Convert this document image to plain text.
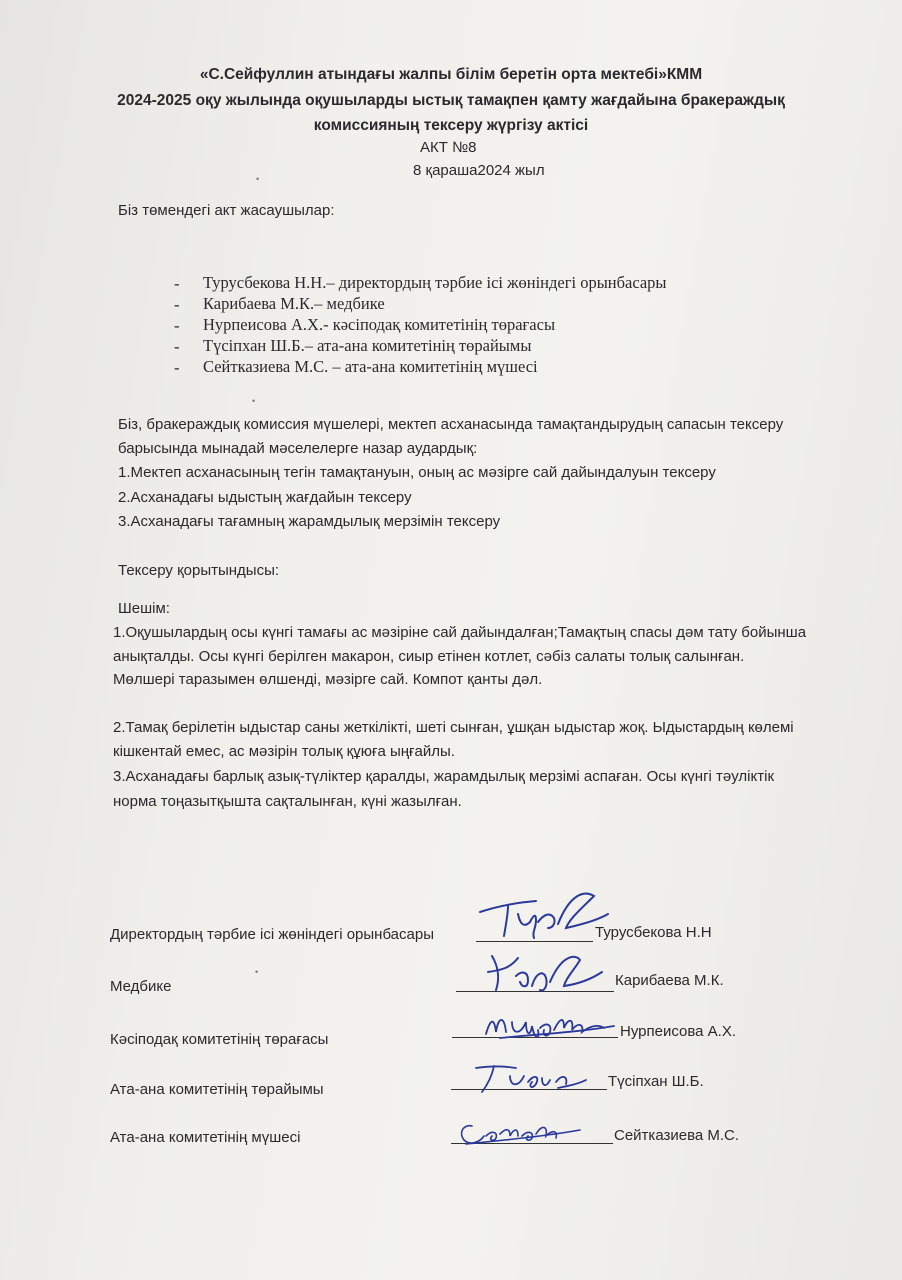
«С.Сейфуллин атындағы жалпы білім беретін орта мектебі»КММ
2024-2025 оқу жылында оқушыларды ыстық тамақпен қамту жағдайына бракераждық
комиссияның тексеру жүргізу актісі
АКТ №8
8 қараша2024 жыл
•
Біз төмендегі акт жасаушылар:
- Турусбекова Н.Н.– директордың тәрбие ісі жөніндегі орынбасары
- Карибаева М.К.– медбике
- Нурпеисова А.Х.- кәсіподақ комитетінің төрағасы
- Түсіпхан Ш.Б.– ата-ана комитетінің төрайымы
- Сейтказиева М.С. – ата-ана комитетінің мүшесі
•
Біз, бракераждық комиссия мүшелері, мектеп асханасында тамақтандырудың сапасын тексеру
барысында мынадай мәселелерге назар аудардық:
1.Мектеп асханасының тегін тамақтануын, оның ас мәзірге сай дайындалуын тексеру
2.Асханадағы ыдыстың жағдайын тексеру
3.Асханадағы тағамның жарамдылық мерзімін тексеру
Тексеру қорытындысы:
Шешім:
1.Оқушылардың осы күнгі тамағы ас мәзіріне сай дайындалған;Тамақтың спасы дәм тату бойынша
анықталды. Осы күнгі берілген макарон, сиыр етінен котлет, сәбіз салаты толық салынған.
Мөлшері таразымен өлшенді, мәзірге сай. Компот қанты дәл.
2.Тамақ берілетін ыдыстар саны жеткілікті, шеті сынған, ұшқан ыдыстар жоқ. Ыдыстардың көлемі
кішкентай емес, ас мәзірін толық құюға ыңғайлы.
3.Асханадағы барлық азық-түліктер қаралды, жарамдылық мерзімі аспаған. Осы күнгі тәуліктік
норма тоңазытқышта сақталынған, күні жазылған.
Директордың тәрбие ісі жөніндегі орынбасары	Турусбекова Н.Н
•
Медбике	Карибаева М.К.
Кәсіподақ комитетінің төрағасы	Нурпеисова А.Х.
Ата-ана комитетінің төрайымы	Түсіпхан Ш.Б.
Ата-ана комитетінің мүшесі	Сейтказиева М.С.
